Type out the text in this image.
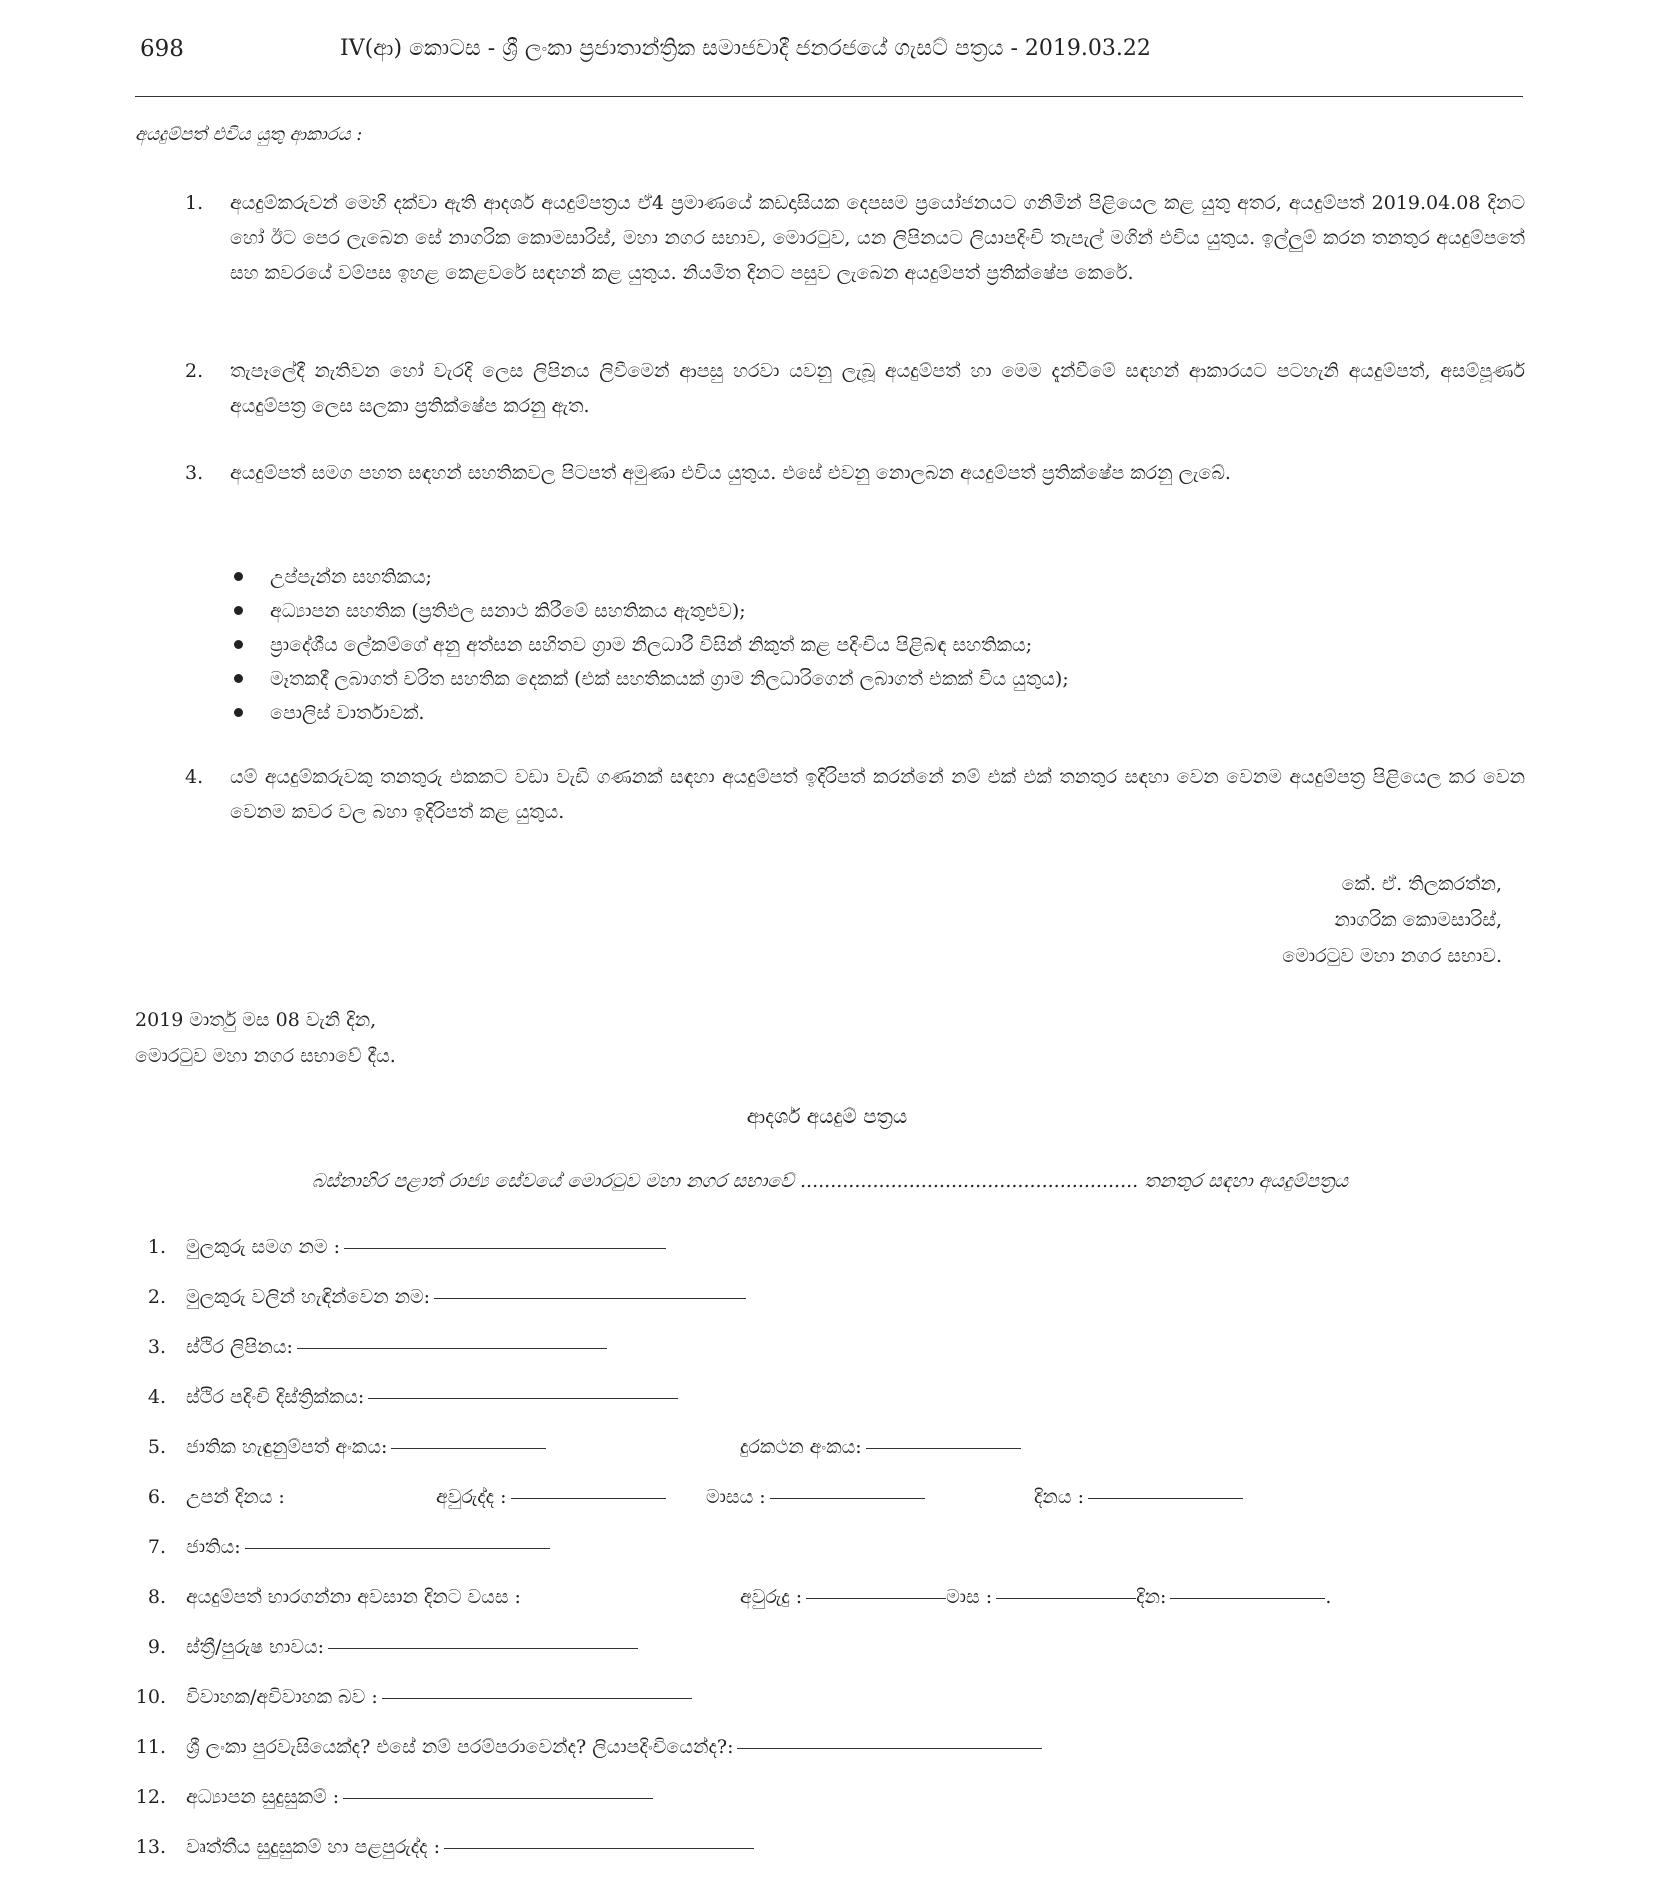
698	IV(ආ) කොටස - ශ්‍රී ලංකා ප්‍රජාතාන්ත්‍රික සමාජවාදී ජනරජයේ ගැසට් පත්‍රය - 2019.03.22
අයදුම්පත් එවිය යුතු ආකාරය :
1.	අයදුම්කරුවන් මෙහි දක්වා ඇති ආදර්ශ අයදුම්පත්‍රය ඒ4 ප්‍රමාණයේ කඩදාසියක දෙපසම ප්‍රයෝජනයට ගනිමින් පිළියෙල කළ යුතු අතර, අයදුම්පත් 2019.04.08 දිනට හෝ ඊට පෙර ලැබෙන සේ නාගරික කොමසාරිස්, මහා නගර සභාව, මොරටුව, යන ලිපිනයට ලියාපදිංචි තැපැල් මගින් එවිය යුතුය. ඉල්ලුම් කරන තනතුර අයදුම්පතේ සහ කවරයේ වම්පස ඉහළ කෙළවරේ සඳහන් කළ යුතුය. නියමිත දිනට පසුව ලැබෙන අයදුම්පත් ප්‍රතික්ෂේප කෙරේ.
2.	තැපෑලේදී නැතිවන හෝ වැරදි ලෙස ලිපිනය ලිවීමෙන් ආපසු හරවා යවනු ලැබූ අයදුම්පත් හා මෙම දැන්වීමේ සඳහන් ආකාරයට පටහැනි අයදුම්පත්, අසම්පූර්ණ අයදුම්පත්‍ර ලෙස සලකා ප්‍රතික්ෂේප කරනු ඇත.
3.	අයදුම්පත් සමග පහත සඳහන් සහතිකවල පිටපත් අමුණා එවිය යුතුය. එසේ එවනු නොලබන අයදුම්පත් ප්‍රතික්ෂේප කරනු ලැබේ.
උප්පැන්න සහතිකය;
අධ්‍යාපන සහතික (ප්‍රතිඵල සනාථ කිරීමේ සහතිකය ඇතුළුව);
ප්‍රාදේශීය ලේකම්ගේ අනු අත්සන සහිතව ග්‍රාම නිලධාරී විසින් නිකුත් කළ පදිංචිය පිළිබඳ සහතිකය;
මෑතකදී ලබාගත් චරිත සහතික දෙකක් (එක් සහතිකයක් ග්‍රාම නිලධාරිගෙන් ලබාගත් එකක් විය යුතුය);
පොලිස් වාර්තාවක්.
4.	යම් අයදුම්කරුවකු තනතුරු එකකට වඩා වැඩි ගණනක් සඳහා අයදුම්පත් ඉදිරිපත් කරන්නේ නම් එක් එක් තනතුර සඳහා වෙන වෙනම අයදුම්පත්‍ර පිළියෙල කර වෙන වෙනම කවර වල බහා ඉදිරිපත් කළ යුතුය.
කේ. ඒ. තිලකරත්න,
නාගරික කොමසාරිස්,
මොරටුව මහා නගර සභාව.
2019 මාර්තු මස 08 වැනි දින,
මොරටුව මහා නගර සභාවේ දීය.
ආදර්ශ අයදුම් පත්‍රය
බස්නාහිර පළාත් රාජ්‍ය සේවයේ මොරටුව මහා නගර සභාවේ ........................................................ තනතුර සඳහා අයදුම්පත්‍රය
1. මුලකුරු සමග නම :
2. මුලකුරු වලින් හැඳින්වෙන නම:
3. ස්ථිර ලිපිනය:
4. ස්ථිර පදිංචි දිස්ත්‍රික්කය:
5. ජාතික හැඳුනුම්පත් අංකය:	දුරකථන අංකය:
6. උපන් දිනය :	අවුරුද්ද :	මාසය :	දිනය :
7. ජාතිය:
8. අයදුම්පත් භාරගන්නා අවසාන දිනට වයස :	අවුරුදු :	මාස :	දින:	.
9. ස්ත්‍රී/පුරුෂ භාවය:
10. විවාහක/අවිවාහක බව :
11. ශ්‍රී ලංකා පුරවැසියෙක්ද? එසේ නම් පරම්පරාවෙන්ද? ලියාපදිංචියෙන්ද?:
12. අධ්‍යාපන සුදුසුකම් :
13. වෘත්තීය සුදුසුකම් හා පළපුරුද්ද :
